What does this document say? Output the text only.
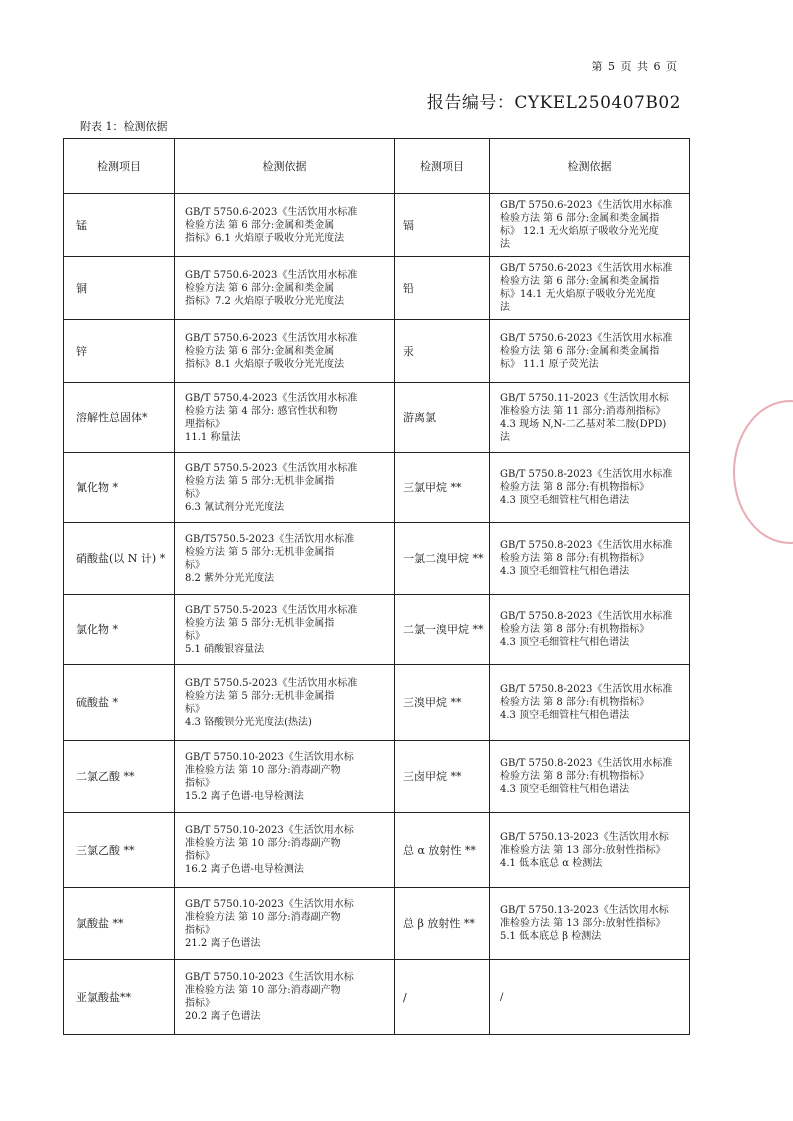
第 5 页 共 6 页
报告编号：CYKEL250407B02
附表 1：检测依据
检测项目	检测依据	检测项目	检测依据
锰	GB/T 5750.6-2023《生活饮用水标准
检验方法 第 6 部分:金属和类金属
指标》6.1 火焰原子吸收分光光度法	镉	GB/T 5750.6-2023《生活饮用水标准
检验方法 第 6 部分:金属和类金属指
标》 12.1 无火焰原子吸收分光光度
法
铜	GB/T 5750.6-2023《生活饮用水标准
检验方法 第 6 部分:金属和类金属
指标》7.2 火焰原子吸收分光光度法	铅	GB/T 5750.6-2023《生活饮用水标准
检验方法 第 6 部分:金属和类金属指
标》14.1 无火焰原子吸收分光光度
法
锌	GB/T 5750.6-2023《生活饮用水标准
检验方法 第 6 部分:金属和类金属
指标》8.1 火焰原子吸收分光光度法	汞	GB/T 5750.6-2023《生活饮用水标准
检验方法 第 6 部分:金属和类金属指
标》 11.1 原子荧光法
溶解性总固体*	GB/T 5750.4-2023《生活饮用水标准
检验方法 第 4 部分: 感官性状和物
理指标》
11.1 称量法	游离氯	GB/T 5750.11-2023《生活饮用水标
准检验方法 第 11 部分:消毒剂指标》
4.3 现场 N,N-二乙基对苯二胺(DPD)
法
氰化物 *	GB/T 5750.5-2023《生活饮用水标准
检验方法 第 5 部分:无机非金属指
标》
6.3 氰试剂分光光度法	三氯甲烷 **	GB/T 5750.8-2023《生活饮用水标准
检验方法 第 8 部分:有机物指标》
4.3 顶空毛细管柱气相色谱法
硝酸盐(以 N 计) *	GB/T5750.5-2023《生活饮用水标准
检验方法 第 5 部分:无机非金属指
标》
8.2 紫外分光光度法	一氯二溴甲烷 **	GB/T 5750.8-2023《生活饮用水标准
检验方法 第 8 部分:有机物指标》
4.3 顶空毛细管柱气相色谱法
氯化物 *	GB/T 5750.5-2023《生活饮用水标准
检验方法 第 5 部分:无机非金属指
标》
5.1 硝酸银容量法	二氯一溴甲烷 **	GB/T 5750.8-2023《生活饮用水标准
检验方法 第 8 部分:有机物指标》
4.3 顶空毛细管柱气相色谱法
硫酸盐 *	GB/T 5750.5-2023《生活饮用水标准
检验方法 第 5 部分:无机非金属指
标》
4.3 铬酸钡分光光度法(热法)	三溴甲烷 **	GB/T 5750.8-2023《生活饮用水标准
检验方法 第 8 部分:有机物指标》
4.3 顶空毛细管柱气相色谱法
二氯乙酸 **	GB/T 5750.10-2023《生活饮用水标
准检验方法 第 10 部分:消毒副产物
指标》
15.2 离子色谱-电导检测法	三卤甲烷 **	GB/T 5750.8-2023《生活饮用水标准
检验方法 第 8 部分:有机物指标》
4.3 顶空毛细管柱气相色谱法
三氯乙酸 **	GB/T 5750.10-2023《生活饮用水标
准检验方法 第 10 部分:消毒副产物
指标》
16.2 离子色谱-电导检测法	总 α 放射性 **	GB/T 5750.13-2023《生活饮用水标
准检验方法 第 13 部分:放射性指标》
4.1 低本底总 α 检测法
氯酸盐 **	GB/T 5750.10-2023《生活饮用水标
准检验方法 第 10 部分:消毒副产物
指标》
21.2 离子色谱法	总 β 放射性 **	GB/T 5750.13-2023《生活饮用水标
准检验方法 第 13 部分:放射性指标》
5.1 低本底总 β 检测法
亚氯酸盐**	GB/T 5750.10-2023《生活饮用水标
准检验方法 第 10 部分:消毒副产物
指标》
20.2 离子色谱法	/	/
